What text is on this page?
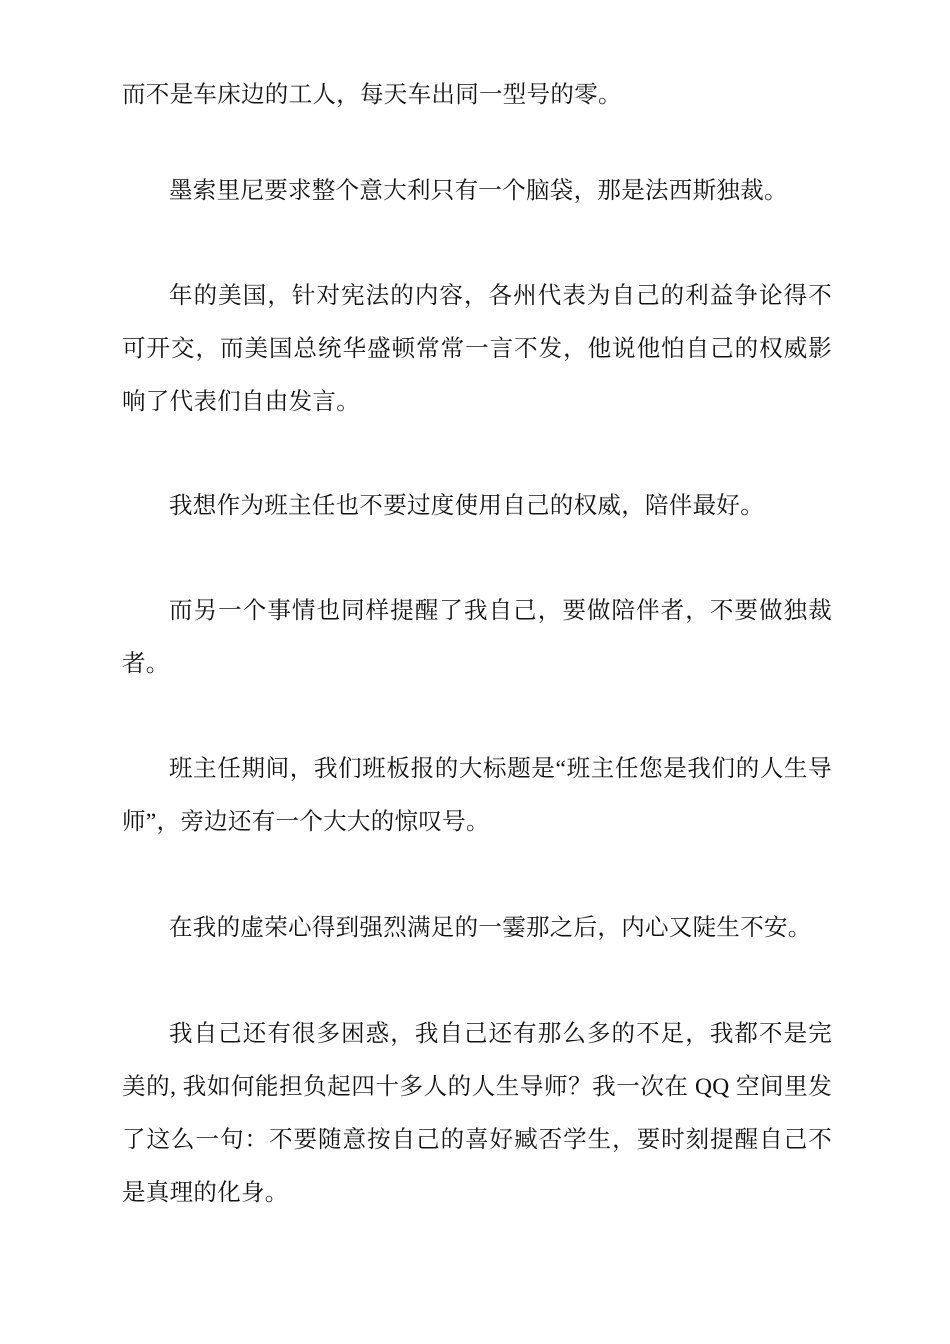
而不是车床边的工人，每天车出同一型号的零。

墨索里尼要求整个意大利只有一个脑袋，那是法西斯独裁。

年的美国，针对宪法的内容，各州代表为自己的利益争论得不可开交，而美国总统华盛顿常常一言不发，他说他怕自己的权威影响了代表们自由发言。

我想作为班主任也不要过度使用自己的权威，陪伴最好。

而另一个事情也同样提醒了我自己，要做陪伴者，不要做独裁者。

班主任期间，我们班板报的大标题是“班主任您是我们的人生导师”，旁边还有一个大大的惊叹号。

在我的虚荣心得到强烈满足的一霎那之后，内心又陡生不安。

我自己还有很多困惑，我自己还有那么多的不足，我都不是完美的, 我如何能担负起四十多人的人生导师？我一次在 QQ 空间里发了这么一句：不要随意按自己的喜好臧否学生，要时刻提醒自己不是真理的化身。
